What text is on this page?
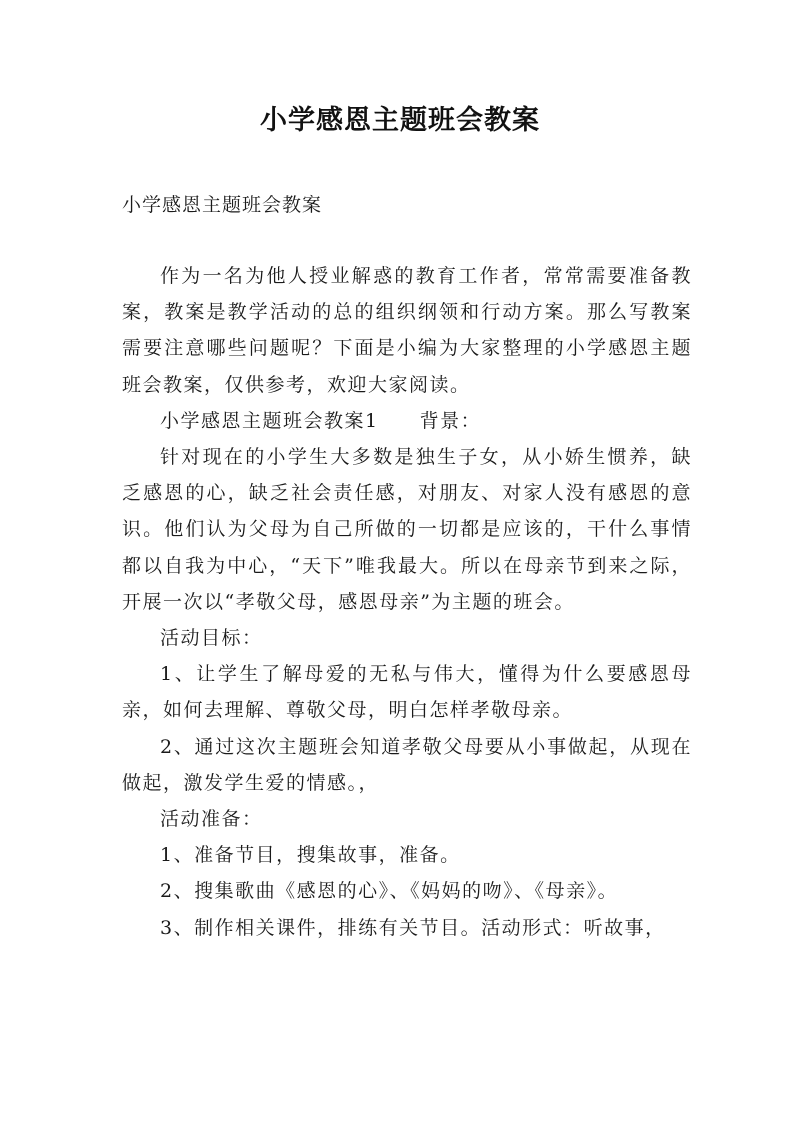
小学感恩主题班会教案
小学感恩主题班会教案

作为一名为他人授业解惑的教育工作者，常常需要准备教案，教案是教学活动的总的组织纲领和行动方案。那么写教案需要注意哪些问题呢？下面是小编为大家整理的小学感恩主题班会教案，仅供参考，欢迎大家阅读。

小学感恩主题班会教案1　　背景：

针对现在的小学生大多数是独生子女，从小娇生惯养，缺乏感恩的心，缺乏社会责任感，对朋友、对家人没有感恩的意识。他们认为父母为自己所做的一切都是应该的，干什么事情都以自我为中心，“天下”唯我最大。所以在母亲节到来之际，开展一次以“孝敬父母，感恩母亲”为主题的班会。

活动目标：

1、让学生了解母爱的无私与伟大，懂得为什么要感恩母亲，如何去理解、尊敬父母，明白怎样孝敬母亲。

2、通过这次主题班会知道孝敬父母要从小事做起，从现在做起，激发学生爱的情感。，

活动准备：

1、准备节目，搜集故事，准备。

2、搜集歌曲《感恩的心》、《妈妈的吻》、《母亲》。

3、制作相关课件，排练有关节目。活动形式：听故事，
